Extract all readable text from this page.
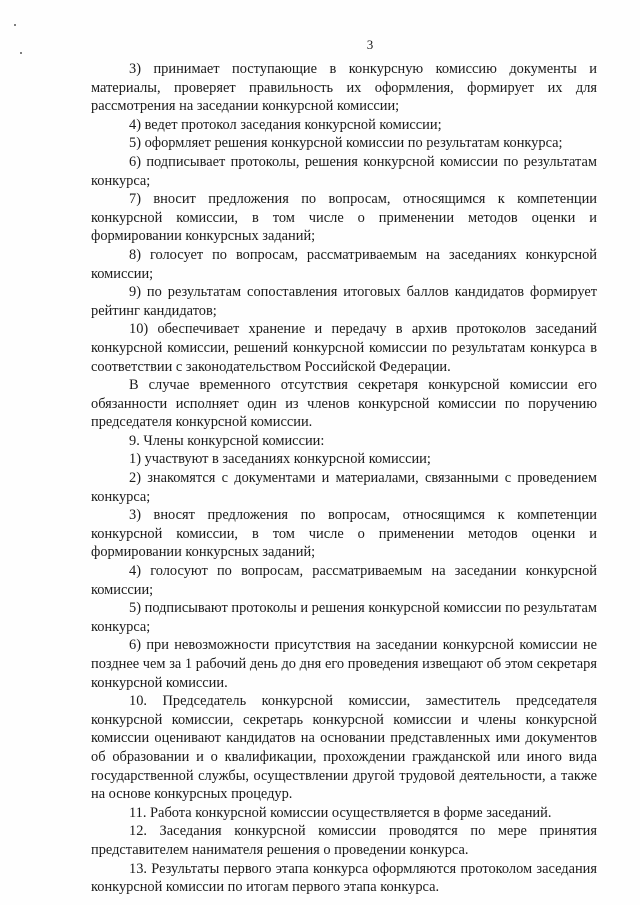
3

3) принимает поступающие в конкурсную комиссию документы и материалы, проверяет правильность их оформления, формирует их для рассмотрения на заседании конкурсной комиссии;

4) ведет протокол заседания конкурсной комиссии;

5) оформляет решения конкурсной комиссии по результатам конкурса;

6) подписывает протоколы, решения конкурсной комиссии по результатам конкурса;

7) вносит предложения по вопросам, относящимся к компетенции конкурсной комиссии, в том числе о применении методов оценки и формировании конкурсных заданий;

8) голосует по вопросам, рассматриваемым на заседаниях конкурсной комиссии;

9) по результатам сопоставления итоговых баллов кандидатов формирует рейтинг кандидатов;

10) обеспечивает хранение и передачу в архив протоколов заседаний конкурсной комиссии, решений конкурсной комиссии по результатам конкурса в соответствии с законодательством Российской Федерации.

В случае временного отсутствия секретаря конкурсной комиссии его обязанности исполняет один из членов конкурсной комиссии по поручению председателя конкурсной комиссии.

9. Члены конкурсной комиссии:

1) участвуют в заседаниях конкурсной комиссии;

2) знакомятся с документами и материалами, связанными с проведением конкурса;

3) вносят предложения по вопросам, относящимся к компетенции конкурсной комиссии, в том числе о применении методов оценки и формировании конкурсных заданий;

4) голосуют по вопросам, рассматриваемым на заседании конкурсной комиссии;

5) подписывают протоколы и решения конкурсной комиссии по результатам конкурса;

6) при невозможности присутствия на заседании конкурсной комиссии не позднее чем за 1 рабочий день до дня его проведения извещают об этом секретаря конкурсной комиссии.

10. Председатель конкурсной комиссии, заместитель председателя конкурсной комиссии, секретарь конкурсной комиссии и члены конкурсной комиссии оценивают кандидатов на основании представленных ими документов об образовании и о квалификации, прохождении гражданской или иного вида государственной службы, осуществлении другой трудовой деятельности, а также на основе конкурсных процедур.

11. Работа конкурсной комиссии осуществляется в форме заседаний.

12. Заседания конкурсной комиссии проводятся по мере принятия представителем нанимателя решения о проведении конкурса.

13. Результаты первого этапа конкурса оформляются протоколом заседания конкурсной комиссии по итогам первого этапа конкурса.
